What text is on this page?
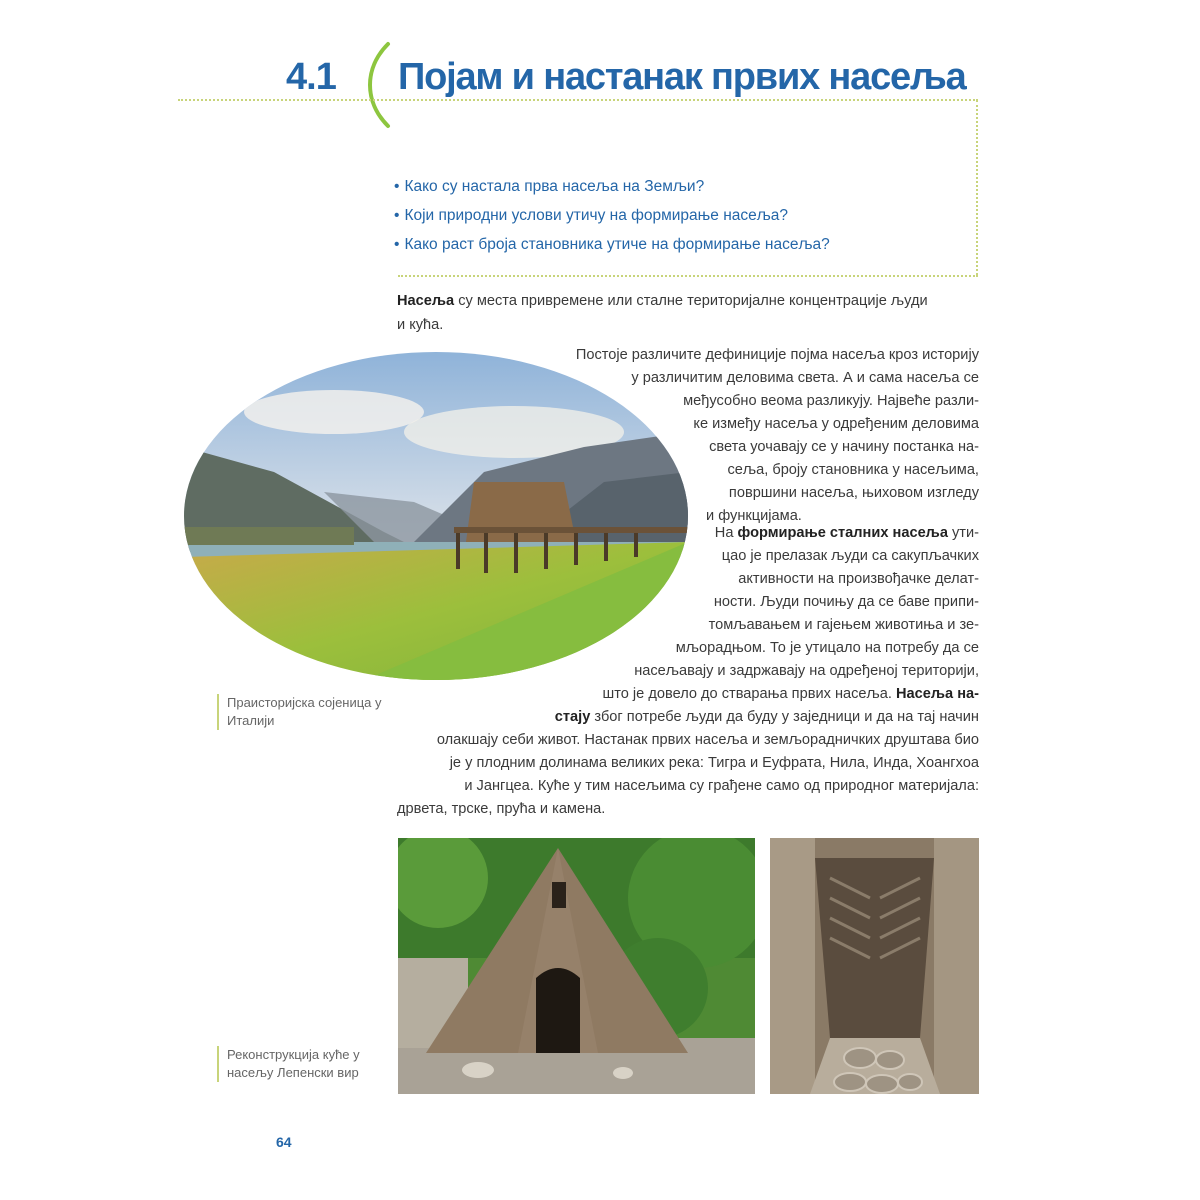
4.1 Појам и настанак првих насеља
• Како су настала прва насеља на Земљи?
• Који природни услови утичу на формирање насеља?
• Како раст броја становника утиче на формирање насеља?
Насеља су места привремене или сталне територијалне концентрације људи
и кућа.
Постоје различите дефиниције појма насеља кроз историју
у различитим деловима света. А и сама насеља се
међусобно веома разликују. Највеће разли-
ке између насеља у одређеним деловима
света уочавају се у начину постанка на-
сеља, броју становника у насељима,
површини насеља, њиховом изгледу
и функцијама.
На формирање сталних насеља ути-
цао је прелазак људи са сакупљачких
активности на произвођачке делат-
ности. Људи почињу да се баве припи-
томљавањем и гајењем животиња и зе-
мљорадњом. То је утицало на потребу да се
насељавају и задржавају на одређеној територији,
што је довело до стварања првих насеља. Насеља на-
стају због потребе људи да буду у заједници и да на тај начин
олакшају себи живот. Настанак првих насеља и земљорадничких друштава био
је у плодним долинама великих река: Тигра и Еуфрата, Нила, Инда, Хоангхоа
и Јангцеа. Куће у тим насељима су грађене само од природног материјала:
дрвета, трске, прућа и камена.
Праисторијска сојеница у Италији
Реконструкција куће у насељу Лепенски вир
64
